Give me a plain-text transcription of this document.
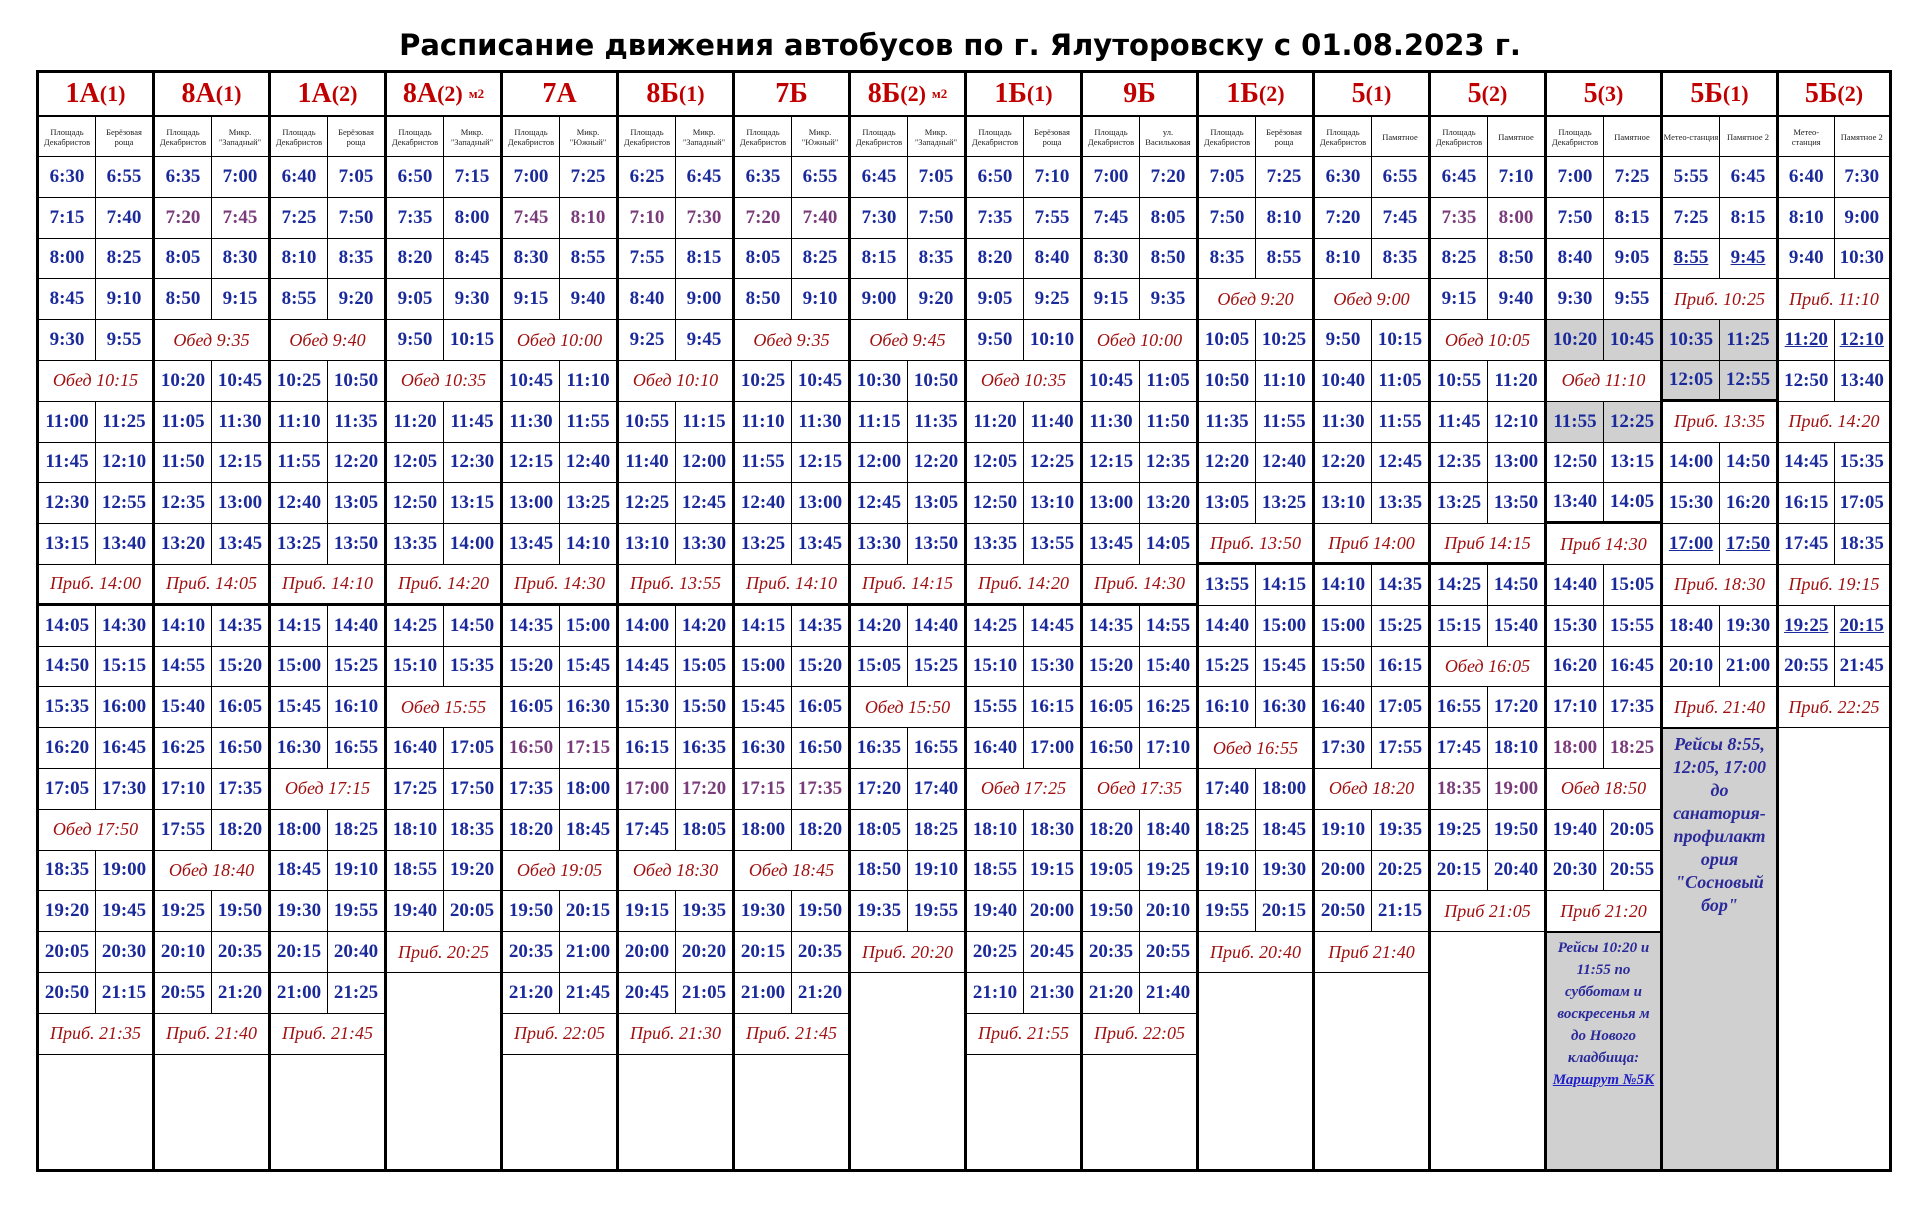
Расписание движения автобусов по г. Ялуторовску с 01.08.2023 г.
1А (1)
Площадь Декабристов
Берёзовая роща
6:30	6:55
7:15	7:40
8:00	8:25
8:45	9:10
9:30	9:55
Обед 10:15
11:00 11:25
11:45 12:10
12:30 12:55
13:15 13:40
Приб. 14:00
14:05 14:30
14:50 15:15
15:35 16:00
16:20 16:45
17:05 17:30
Обед 17:50
18:35 19:00
19:20 19:45
20:05 20:30
20:50 21:15
Приб. 21:35
8А (1)
Площадь Декабристов
Микр. "Западный"
6:35	7:00
7:20	7:45
8:05	8:30
8:50	9:15
Обед 9:35
10:20 10:45
11:05 11:30
11:50 12:15
12:35 13:00
13:20 13:45
Приб. 14:05
14:10 14:35
14:55 15:20
15:40 16:05
16:25 16:50
17:10 17:35
17:55 18:20
Обед 18:40
19:25 19:50
20:10 20:35
20:55 21:20
Приб. 21:40
1А (2)
Площадь Декабристов
Берёзовая роща
6:40	7:05
7:25	7:50
8:10	8:35
8:55	9:20
Обед 9:40
10:25 10:50
11:10 11:35
11:55 12:20
12:40 13:05
13:25 13:50
Приб. 14:10
14:15 14:40
15:00 15:25
15:45 16:10
16:30 16:55
Обед 17:15
18:00 18:25
18:45 19:10
19:30 19:55
20:15 20:40
21:00 21:25
Приб. 21:45
8А (2) м2
Площадь Декабристов
Микр. "Западный"
6:50	7:15
7:35	8:00
8:20	8:45
9:05	9:30
9:50 10:15
Обед 10:35
11:20 11:45
12:05 12:30
12:50 13:15
13:35 14:00
Приб. 14:20
14:25 14:50
15:10 15:35
Обед 15:55
16:40 17:05
17:25 17:50
18:10 18:35
18:55 19:20
19:40 20:05
Приб. 20:25
7А
Площадь Декабристов
Микр. "Южный"
7:00	7:25
7:45	8:10
8:30	8:55
9:15	9:40
Обед 10:00
10:45 11:10
11:30 11:55
12:15 12:40
13:00 13:25
13:45 14:10
Приб. 14:30
14:35 15:00
15:20 15:45
16:05 16:30
16:50 17:15
17:35 18:00
18:20 18:45
Обед 19:05
19:50 20:15
20:35 21:00
21:20 21:45
Приб. 22:05
8Б (1)
Площадь Декабристов
Микр. "Западный"
6:25	6:45
7:10	7:30
7:55	8:15
8:40	9:00
9:25	9:45
Обед 10:10
10:55 11:15
11:40 12:00
12:25 12:45
13:10 13:30
Приб. 13:55
14:00 14:20
14:45 15:05
15:30 15:50
16:15 16:35
17:00 17:20
17:45 18:05
Обед 18:30
19:15 19:35
20:00 20:20
20:45 21:05
Приб. 21:30
7Б
Площадь Декабристов
Микр. "Южный"
6:35	6:55
7:20	7:40
8:05	8:25
8:50	9:10
Обед 9:35
10:25 10:45
11:10 11:30
11:55 12:15
12:40 13:00
13:25 13:45
Приб. 14:10
14:15 14:35
15:00 15:20
15:45 16:05
16:30 16:50
17:15 17:35
18:00 18:20
Обед 18:45
19:30 19:50
20:15 20:35
21:00 21:20
Приб. 21:45
8Б (2) м2
Площадь Декабристов
Микр. "Западный"
6:45	7:05
7:30	7:50
8:15	8:35
9:00	9:20
Обед 9:45
10:30 10:50
11:15 11:35
12:00 12:20
12:45 13:05
13:30 13:50
Приб. 14:15
14:20 14:40
15:05 15:25
Обед 15:50
16:35 16:55
17:20 17:40
18:05 18:25
18:50 19:10
19:35 19:55
Приб. 20:20
1Б (1)
Площадь Декабристов
Берёзовая роща
6:50	7:10
7:35	7:55
8:20	8:40
9:05	9:25
9:50 10:10
Обед 10:35
11:20 11:40
12:05 12:25
12:50 13:10
13:35 13:55
Приб. 14:20
14:25 14:45
15:10 15:30
15:55 16:15
16:40 17:00
Обед 17:25
18:10 18:30
18:55 19:15
19:40 20:00
20:25 20:45
21:10 21:30
Приб. 21:55
9Б
Площадь Декабристов
ул. Васильковая
7:00	7:20
7:45	8:05
8:30	8:50
9:15	9:35
Обед 10:00
10:45 11:05
11:30 11:50
12:15 12:35
13:00 13:20
13:45 14:05
Приб. 14:30
14:35 14:55
15:20 15:40
16:05 16:25
16:50 17:10
Обед 17:35
18:20 18:40
19:05 19:25
19:50 20:10
20:35 20:55
21:20 21:40
Приб. 22:05
1Б (2)
Площадь Декабристов
Берёзовая роща
7:05	7:25
7:50	8:10
8:35	8:55
Обед 9:20
10:05 10:25
10:50 11:10
11:35 11:55
12:20 12:40
13:05 13:25
Приб. 13:50
13:55 14:15
14:40 15:00
15:25 15:45
16:10 16:30
Обед 16:55
17:40 18:00
18:25 18:45
19:10 19:30
19:55 20:15
Приб. 20:40
5 (1)
Площадь Декабристов	Памятное
6:30	6:55
7:20	7:45
8:10	8:35
Обед 9:00
9:50 10:15
10:40 11:05
11:30 11:55
12:20 12:45
13:10 13:35
Приб 14:00
14:10 14:35
15:00 15:25
15:50 16:15
16:40 17:05
17:30 17:55
Обед 18:20
19:10 19:35
20:00 20:25
20:50 21:15
Приб 21:40
5 (2)
Площадь Декабристов	Памятное
6:45	7:10
7:35	8:00
8:25	8:50
9:15	9:40
Обед 10:05
10:55 11:20
11:45 12:10
12:35 13:00
13:25 13:50
Приб 14:15
14:25 14:50
15:15 15:40
Обед 16:05
16:55 17:20
17:45 18:10
18:35 19:00
19:25 19:50
20:15 20:40
Приб 21:05
5 (3)
Площадь Декабристов	Памятное
7:00	7:25
7:50	8:15
8:40	9:05
9:30	9:55
10:20 10:45
Обед 11:10
11:55 12:25
12:50 13:15
13:40 14:05
Приб 14:30
14:40 15:05
15:30 15:55
16:20 16:45
17:10 17:35
18:00 18:25
Обед 18:50
19:40 20:05
20:30 20:55
Приб 21:20
Рейсы 10:20 и 11:55 по субботам и воскресенья м до Нового кладбища: Маршрут №5К
5Б (1)
Метео-станция	Памятное 2
5:55	6:45
7:25	8:15
8:55	9:45
Приб. 10:25
10:35 11:25
12:05 12:55
Приб. 13:35
14:00 14:50
15:30 16:20
17:00 17:50
Приб. 18:30
18:40 19:30
20:10 21:00
Приб. 21:40
Рейсы 8:55, 12:05, 17:00 до санатория-профилакт ория "Сосновый бор"
5Б (2)
Метео-станция	Памятное 2
6:40	7:30
8:10	9:00
9:40 10:30
Приб. 11:10
11:20 12:10
12:50 13:40
Приб. 14:20
14:45 15:35
16:15 17:05
17:45 18:35
Приб. 19:15
19:25 20:15
20:55 21:45
Приб. 22:25
